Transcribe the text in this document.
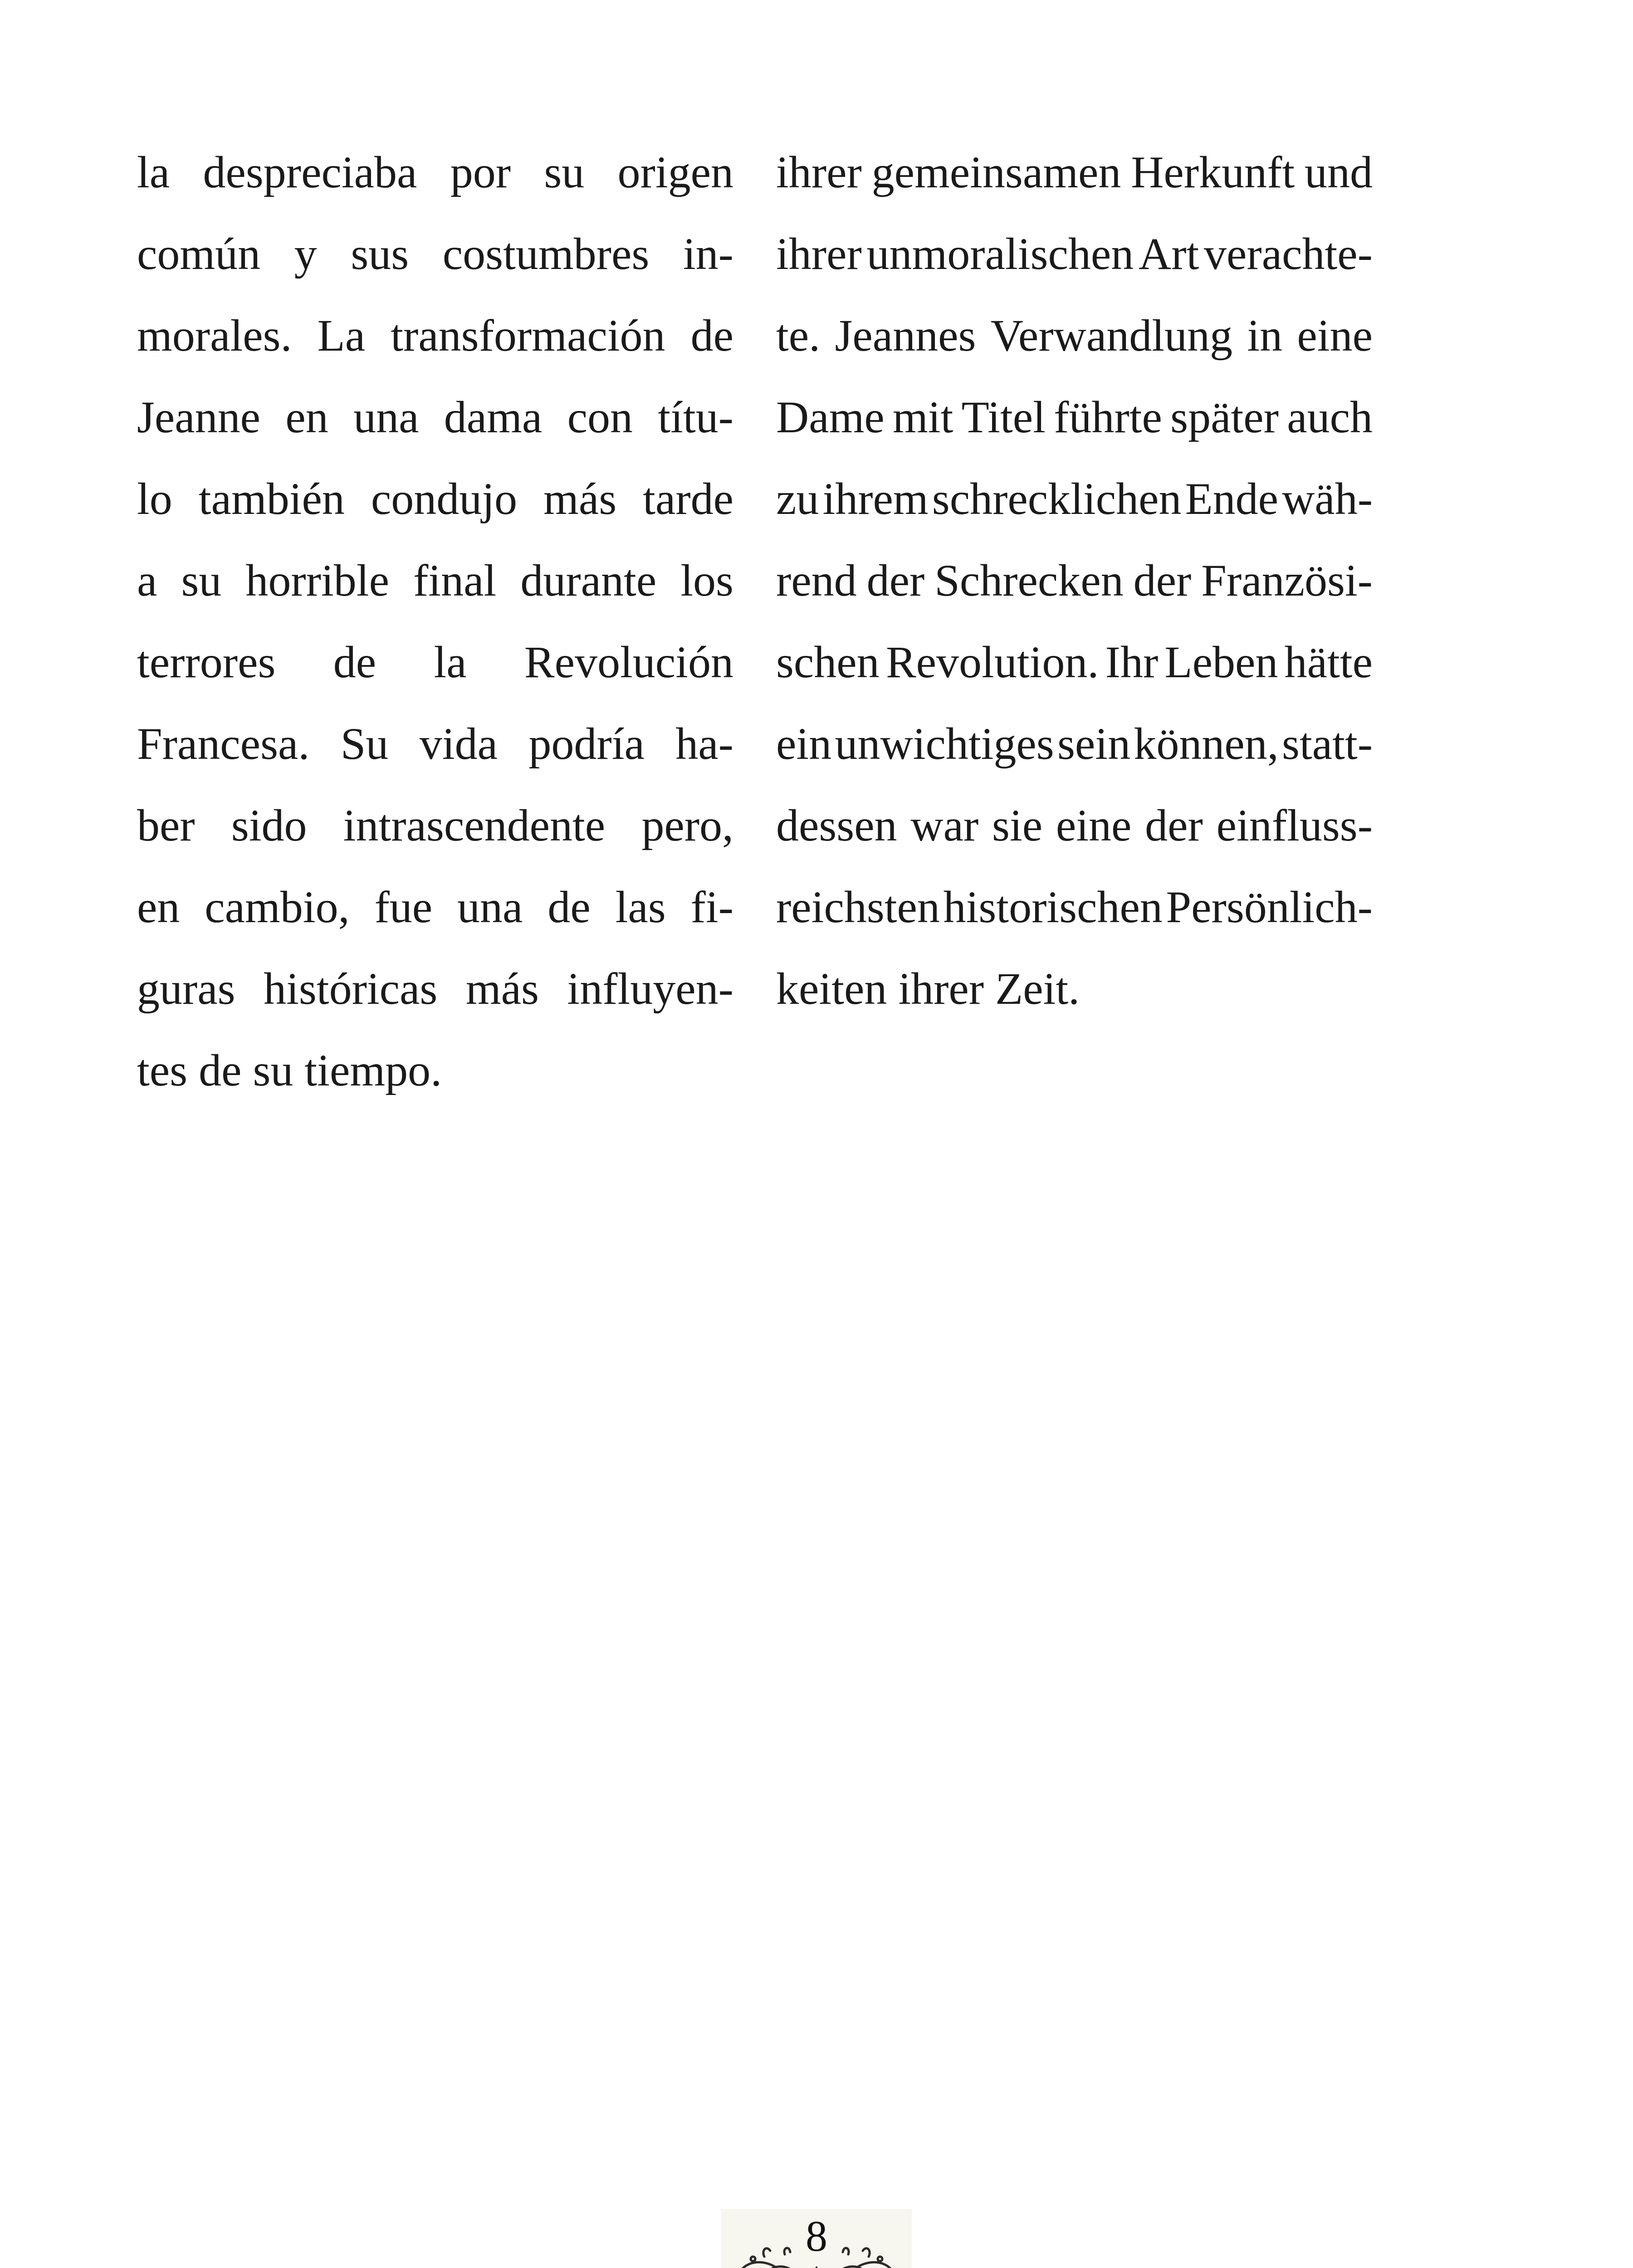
la despreciaba por su origen
común y sus costumbres in-
morales. La transformación de
Jeanne en una dama con títu-
lo también condujo más tarde
a su horrible final durante los
terrores de la Revolución
Francesa. Su vida podría ha-
ber sido intrascendente pero,
en cambio, fue una de las fi-
guras históricas más influyen-
tes de su tiempo.
ihrer gemeinsamen Herkunft und
ihrer unmoralischen Art verachte-
te. Jeannes Verwandlung in eine
Dame mit Titel führte später auch
zu ihrem schrecklichen Ende wäh-
rend der Schrecken der Französi-
schen Revolution. Ihr Leben hätte
ein unwichtiges sein können, statt-
dessen war sie eine der einfluss-
reichsten historischen Persönlich-
keiten ihrer Zeit.
8
